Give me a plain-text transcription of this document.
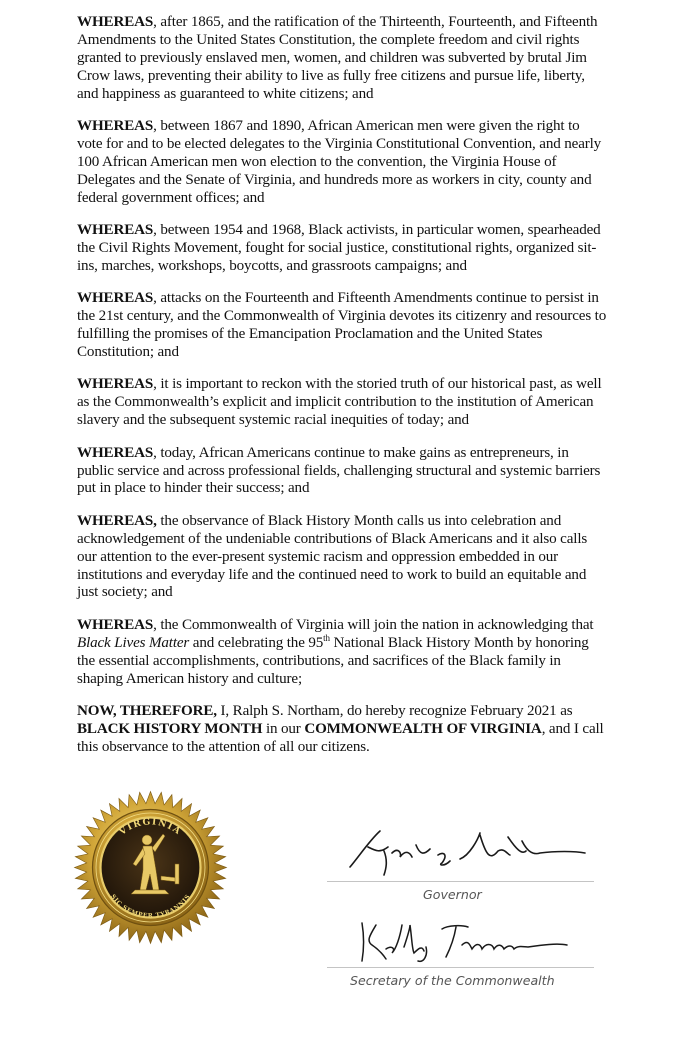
WHEREAS, after 1865, and the ratification of the Thirteenth, Fourteenth, and Fifteenth Amendments to the United States Constitution, the complete freedom and civil rights granted to previously enslaved men, women, and children was subverted by brutal Jim Crow laws, preventing their ability to live as fully free citizens and pursue life, liberty, and happiness as guaranteed to white citizens; and

WHEREAS, between 1867 and 1890, African American men were given the right to vote for and to be elected delegates to the Virginia Constitutional Convention, and nearly 100 African American men won election to the convention, the Virginia House of Delegates and the Senate of Virginia, and hundreds more as workers in city, county and federal government offices; and

WHEREAS, between 1954 and 1968, Black activists, in particular women, spearheaded the Civil Rights Movement, fought for social justice, constitutional rights, organized sit-ins, marches, workshops, boycotts, and grassroots campaigns; and

WHEREAS, attacks on the Fourteenth and Fifteenth Amendments continue to persist in the 21st century, and the Commonwealth of Virginia devotes its citizenry and resources to fulfilling the promises of the Emancipation Proclamation and the United States Constitution; and

WHEREAS, it is important to reckon with the storied truth of our historical past, as well as the Commonwealth’s explicit and implicit contribution to the institution of American slavery and the subsequent systemic racial inequities of today; and

WHEREAS, today, African Americans continue to make gains as entrepreneurs, in public service and across professional fields, challenging structural and systemic barriers put in place to hinder their success; and

WHEREAS, the observance of Black History Month calls us into celebration and acknowledgement of the undeniable contributions of Black Americans and it also calls our attention to the ever-present systemic racism and oppression embedded in our institutions and everyday life and the continued need to work to build an equitable and just society; and

WHEREAS, the Commonwealth of Virginia will join the nation in acknowledging that Black Lives Matter and celebrating the 95th National Black History Month by honoring the essential accomplishments, contributions, and sacrifices of the Black family in shaping American history and culture;

NOW, THEREFORE, I, Ralph S. Northam, do hereby recognize February 2021 as BLACK HISTORY MONTH in our COMMONWEALTH OF VIRGINIA, and I call this observance to the attention of all our citizens.

VIRGINIA
SIC SEMPER TYRANNIS	Governor
Secretary of the Commonwealth
